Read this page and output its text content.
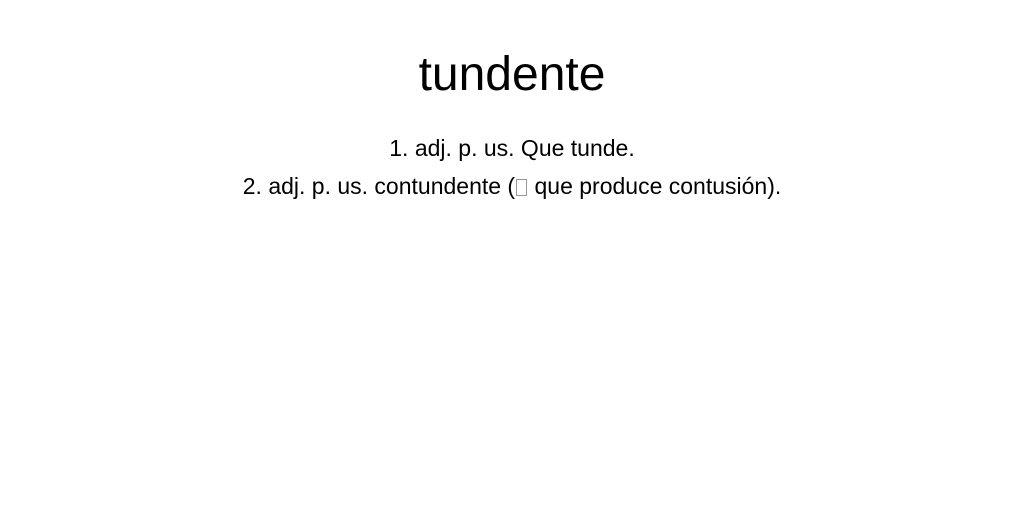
tundente
1. adj. p. us. Que tunde.
2. adj. p. us. contundente ( que produce contusión).
